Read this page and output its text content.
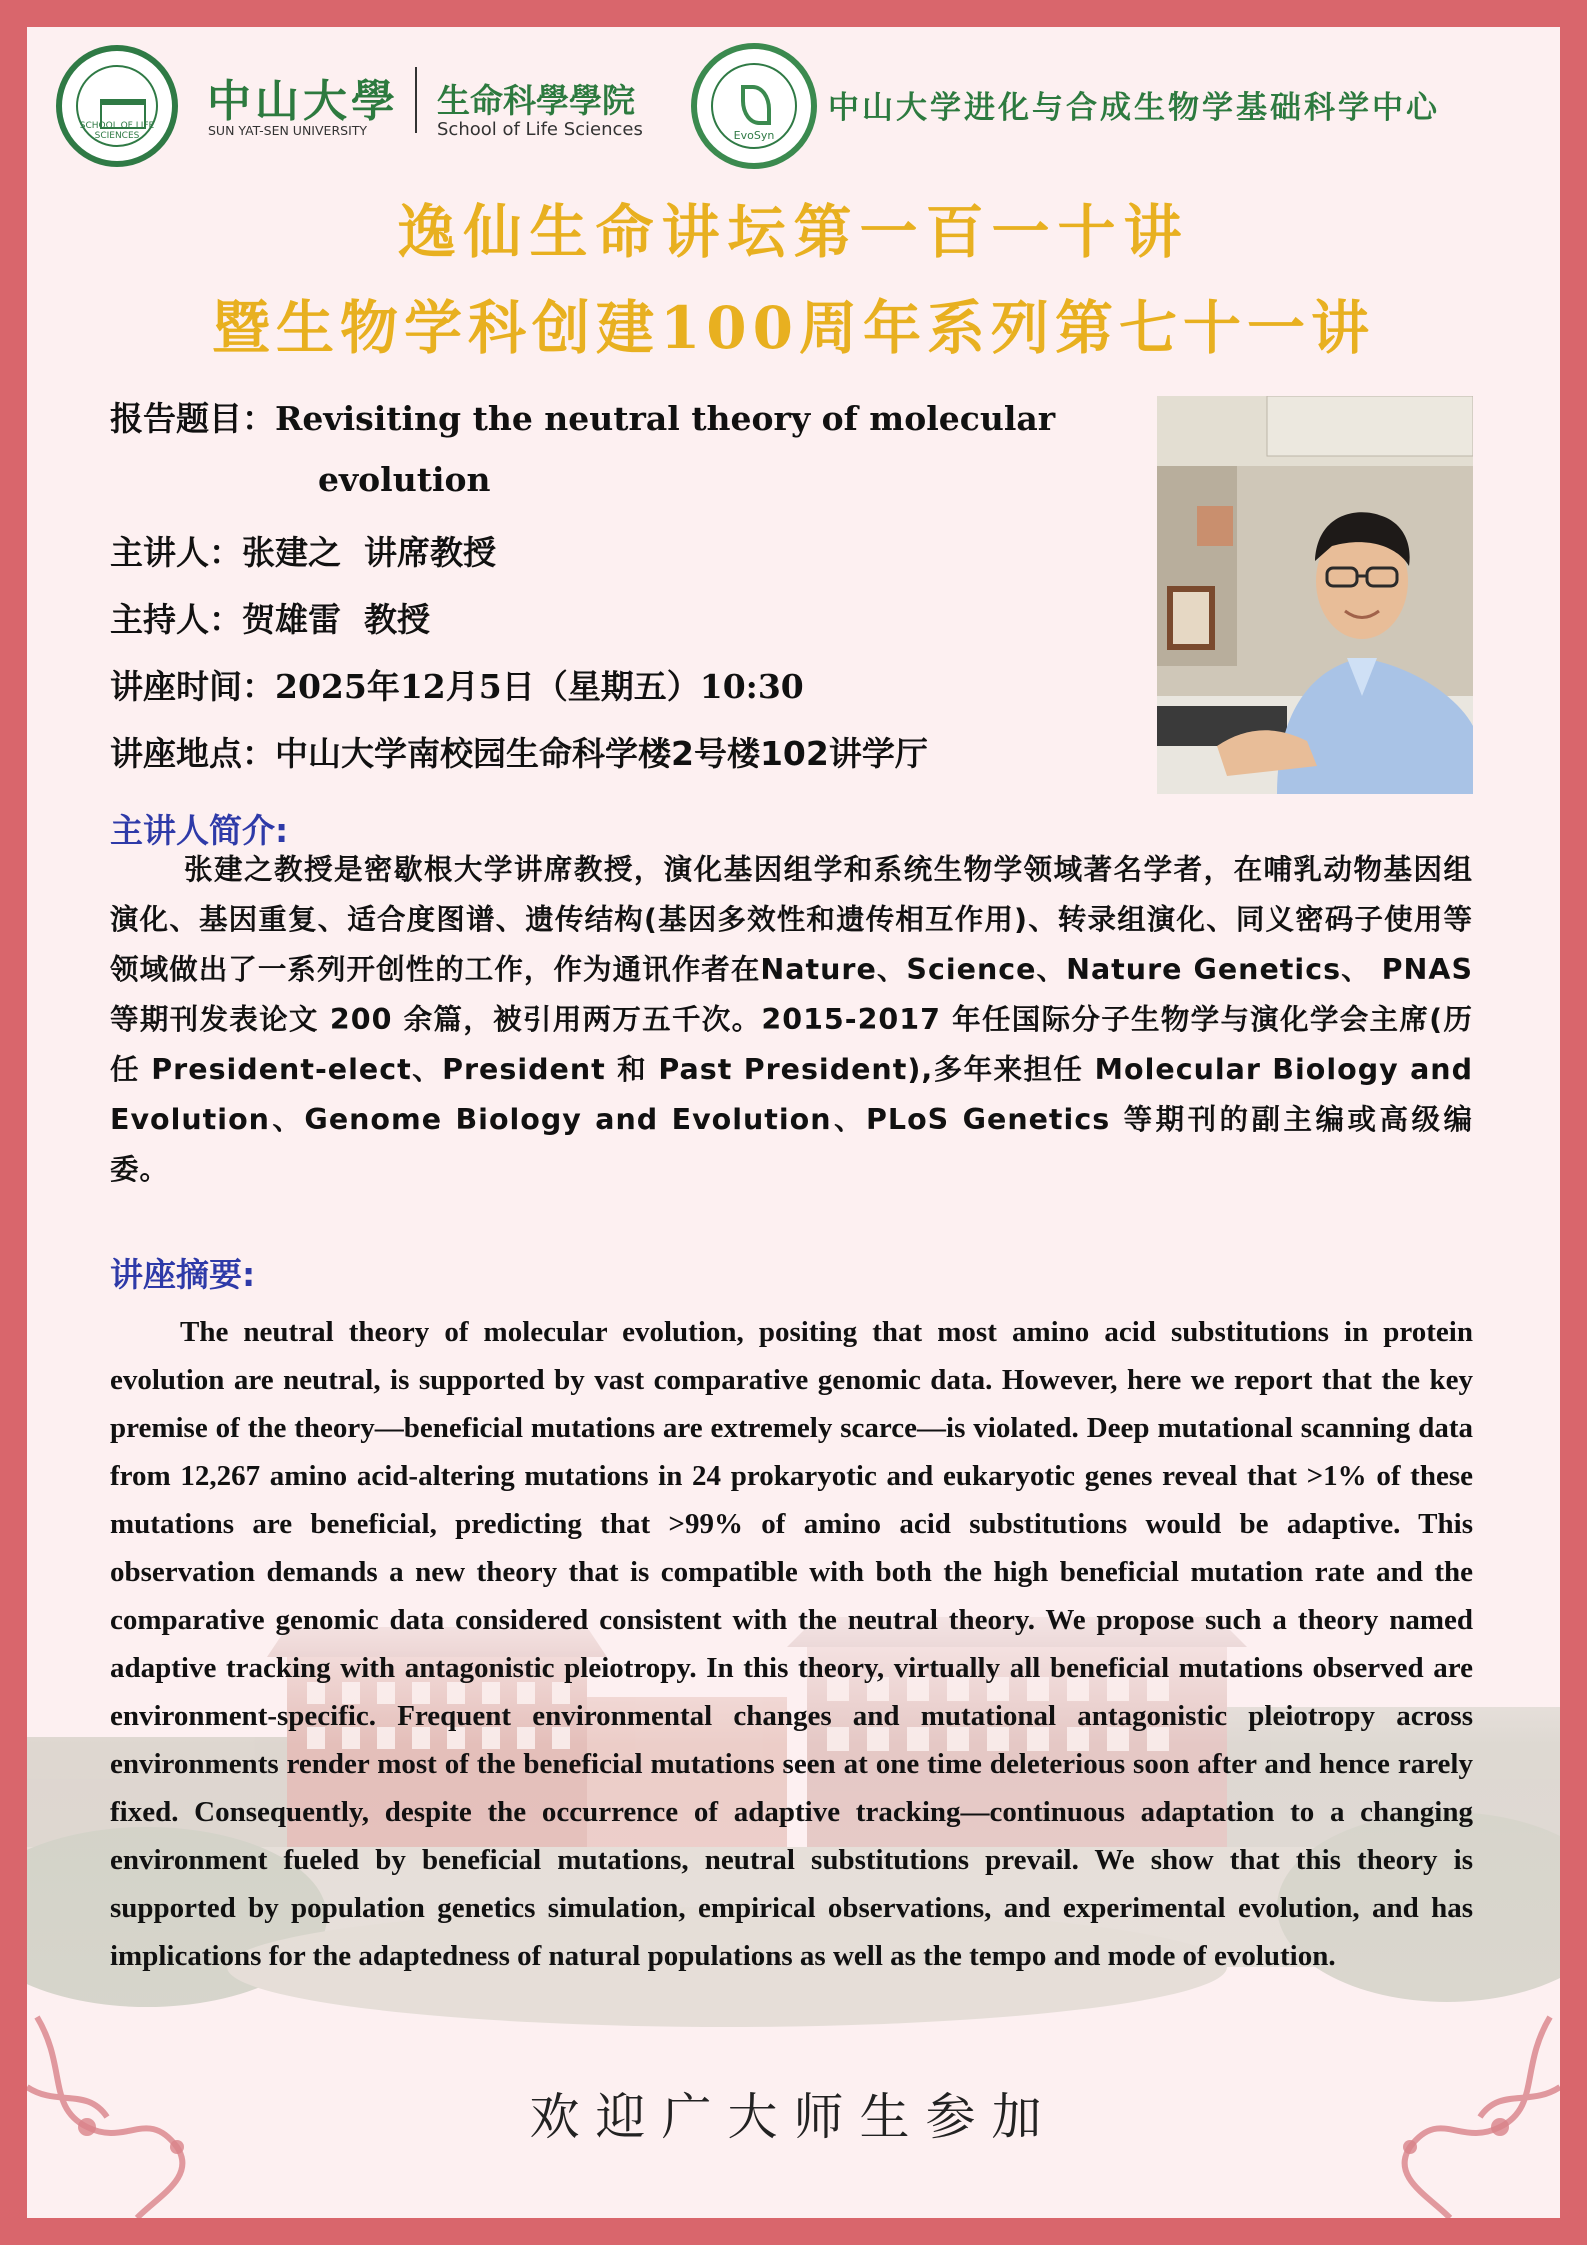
SCHOOL OF LIFE SCIENCES
中山大學
SUN YAT-SEN UNIVERSITY
生命科學學院
School of Life Sciences	EvoSyn
中山大学进化与合成生物学基础科学中心
逸仙生命讲坛第一百一十讲
暨生物学科创建100周年系列第七十一讲
报告题目：Revisiting the neutral theory of molecular
evolution
主讲人：张建之  讲席教授
主持人：贺雄雷  教授
讲座时间：2025年12月5日（星期五）10:30
讲座地点：中山大学南校园生命科学楼2号楼102讲学厅
主讲人简介:

张建之教授是密歇根大学讲席教授，演化基因组学和系统生物学领域著名学者，在哺乳动物基因组演化、基因重复、适合度图谱、遗传结构(基因多效性和遗传相互作用)、转录组演化、同义密码子使用等领域做出了一系列开创性的工作，作为通讯作者在Nature、Science、Nature Genetics、 PNAS等期刊发表论文 200 余篇，被引用两万五千次。2015-2017 年任国际分子生物学与演化学会主席(历任 President-elect、President 和 Past President),多年来担任 Molecular Biology and Evolution、Genome Biology and Evolution、PLoS Genetics 等期刊的副主编或高级编委。

讲座摘要:

The neutral theory of molecular evolution, positing that most amino acid substitutions in protein evolution are neutral, is supported by vast comparative genomic data. However, here we report that the key premise of the theory—beneficial mutations are extremely scarce—is violated. Deep mutational scanning data from 12,267 amino acid-altering mutations in 24 prokaryotic and eukaryotic genes reveal that >1% of these mutations are beneficial, predicting that >99% of amino acid substitutions would be adaptive. This observation demands a new theory that is compatible with both the high beneficial mutation rate and the comparative genomic data considered consistent with the neutral theory. We propose such a theory named adaptive tracking with antagonistic pleiotropy. In this theory, virtually all beneficial mutations observed are environment-specific. Frequent environmental changes and mutational antagonistic pleiotropy across environments render most of the beneficial mutations seen at one time deleterious soon after and hence rarely fixed. Consequently, despite the occurrence of adaptive tracking—continuous adaptation to a changing environment fueled by beneficial mutations, neutral substitutions prevail. We show that this theory is supported by population genetics simulation, empirical observations, and experimental evolution, and has implications for the adaptedness of natural populations as well as the tempo and mode of evolution.

欢迎广大师生参加
